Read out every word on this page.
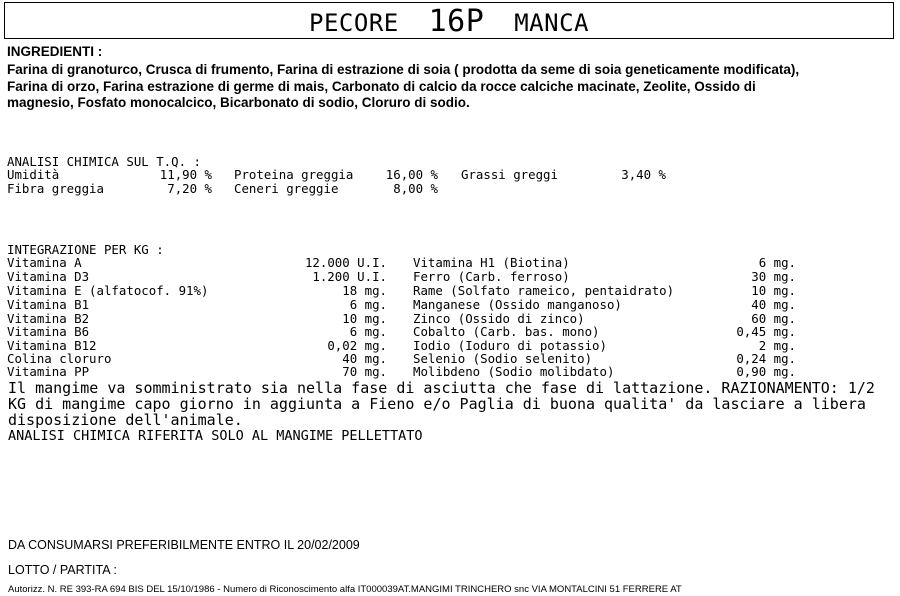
PECORE 16P MANCA
INGREDIENTI :
Farina di granoturco, Crusca di frumento, Farina di estrazione di soia ( prodotta da seme di soia geneticamente modificata),
Farina di orzo, Farina estrazione di germe di mais, Carbonato di calcio da rocce calciche macinate, Zeolite, Ossido di
magnesio, Fosfato monocalcico, Bicarbonato di sodio, Cloruro di sodio.
ANALISI CHIMICA SUL T.Q. :
Umidità	11,90 % Proteina greggia	16,00 % Grassi greggi	3,40 %
Fibra greggia	7,20 % Ceneri greggie	8,00 %
INTEGRAZIONE PER KG :
Vitamina A	12.000 U.I. Vitamina H1 (Biotina)	6 mg.
Vitamina D3	1.200 U.I. Ferro (Carb. ferroso)	30 mg.
Vitamina E (alfatocof. 91%)	18 mg. Rame (Solfato rameico, pentaidrato)	10 mg.
Vitamina B1	6 mg. Manganese (Ossido manganoso)	40 mg.
Vitamina B2	10 mg. Zinco (Ossido di zinco)	60 mg.
Vitamina B6	6 mg. Cobalto (Carb. bas. mono)	0,45 mg.
Vitamina B12	0,02 mg. Iodio (Ioduro di potassio)	2 mg.
Colina cloruro	40 mg. Selenio (Sodio selenito)	0,24 mg.
Vitamina PP	70 mg. Molibdeno (Sodio molibdato)	0,90 mg.
Il mangime va somministrato sia nella fase di asciutta che fase di lattazione. RAZIONAMENTO: 1/2
KG di mangime capo giorno in aggiunta a Fieno e/o Paglia di buona qualita' da lasciare a libera
disposizione dell'animale.
ANALISI CHIMICA RIFERITA SOLO AL MANGIME PELLETTATO
DA CONSUMARSI PREFERIBILMENTE ENTRO IL 20/02/2009
LOTTO / PARTITA :
Autorizz. N. RE 393-RA 694 BIS DEL 15/10/1986 - Numero di Riconoscimento alfa IT000039AT.MANGIMI TRINCHERO snc VIA MONTALCINI 51 FERRERE AT
